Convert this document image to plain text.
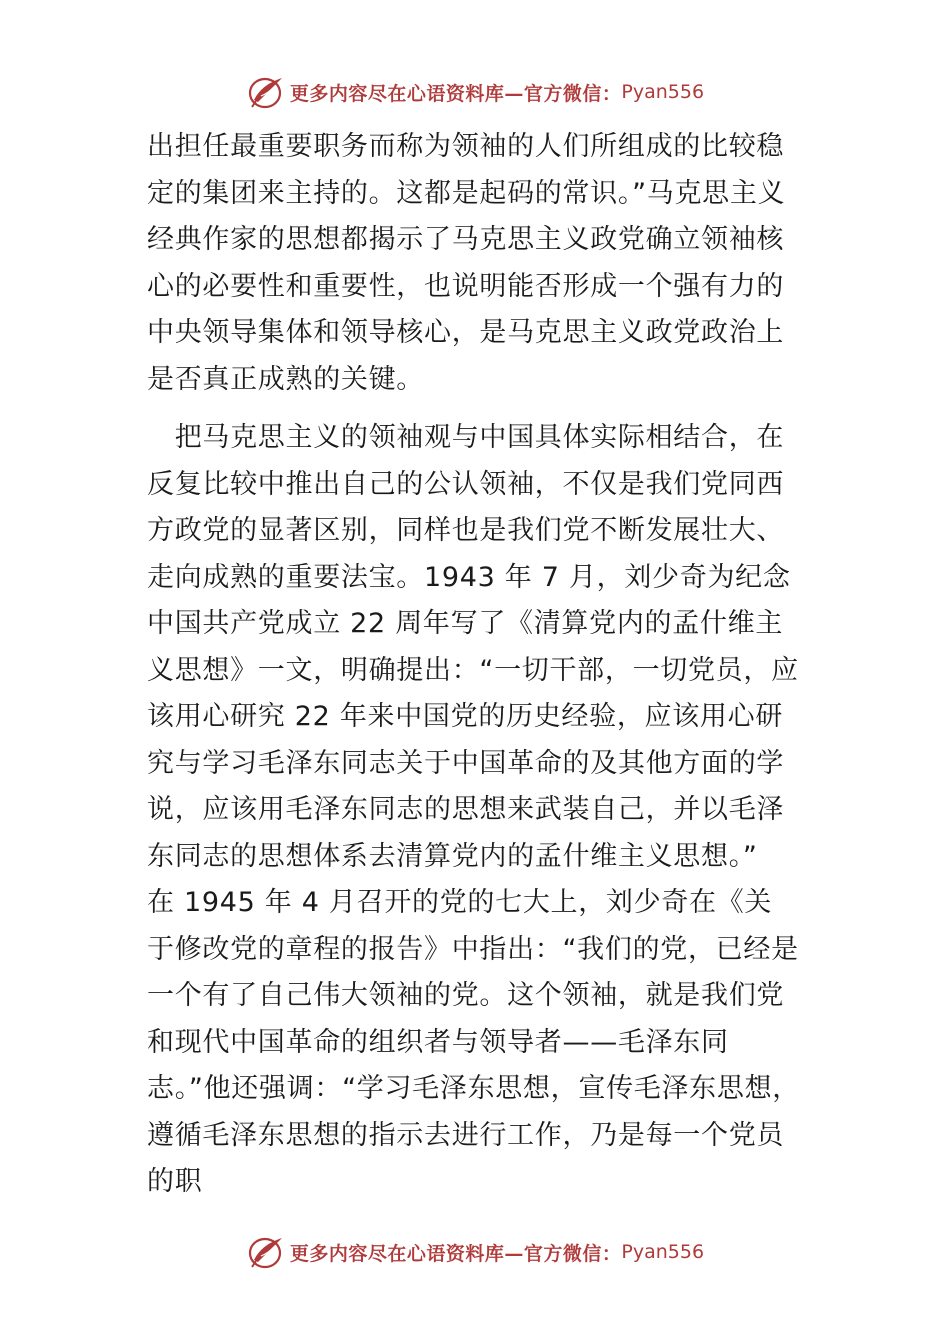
更多内容尽在心语资料库—官方微信： Pyan556

出担任最重要职务而称为领袖的人们所组成的比较稳
定的集团来主持的。这都是起码的常识。”马克思主义
经典作家的思想都揭示了马克思主义政党确立领袖核
心的必要性和重要性，也说明能否形成一个强有力的
中央领导集体和领导核心，是马克思主义政党政治上
是否真正成熟的关键。

　把马克思主义的领袖观与中国具体实际相结合，在
反复比较中推出自己的公认领袖，不仅是我们党同西
方政党的显著区别，同样也是我们党不断发展壮大、
走向成熟的重要法宝。1943 年 7 月，刘少奇为纪念
中国共产党成立 22 周年写了《清算党内的孟什维主
义思想》一文，明确提出：“一切干部，一切党员，应
该用心研究 22 年来中国党的历史经验，应该用心研
究与学习毛泽东同志关于中国革命的及其他方面的学
说，应该用毛泽东同志的思想来武装自己，并以毛泽
东同志的思想体系去清算党内的孟什维主义思想。”
在 1945 年 4 月召开的党的七大上，刘少奇在《关
于修改党的章程的报告》中指出：“我们的党，已经是
一个有了自己伟大领袖的党。这个领袖，就是我们党
和现代中国革命的组织者与领导者——毛泽东同
志。”他还强调：“学习毛泽东思想，宣传毛泽东思想，
遵循毛泽东思想的指示去进行工作，乃是每一个党员
的职

更多内容尽在心语资料库—官方微信： Pyan556
